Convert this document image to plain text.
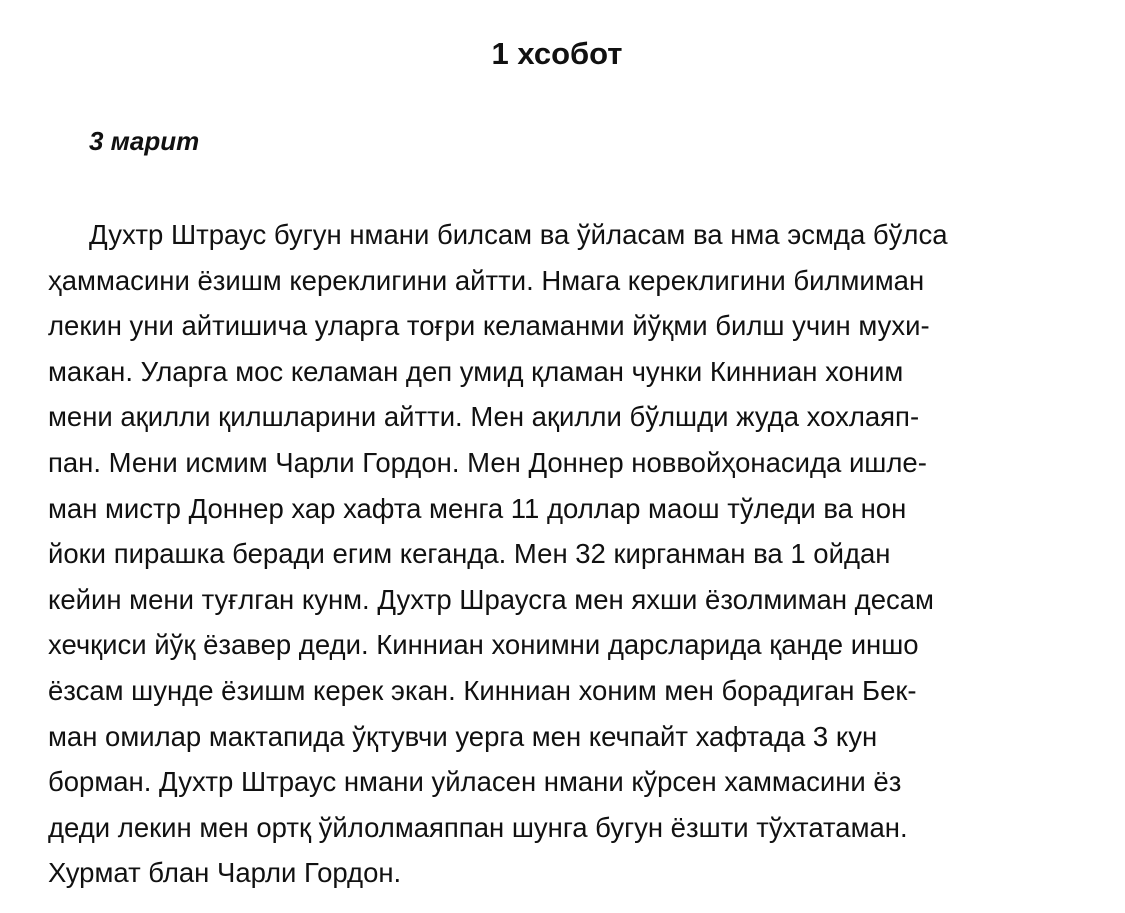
1 хсобот

3 марит

Духтр Штраус бугун нмани билсам ва ўйласам ва нма эсмда бўлса
ҳаммасини ёзишм кереклигини айтти. Нмага кереклигини билмиман
лекин уни айтишича уларга тоғри келаманми йўқми билш учин мухи-
макан. Уларга мос келаман деп умид қламан чунки Кинниан хоним
мени ақилли қилшларини айтти. Мен ақилли бўлшди жуда хохлаяп-
пан. Мени исмим Чарли Гордон. Мен Доннер новвойҳонасида ишле-
ман мистр Доннер хар хафта менга 11 доллар маош тўледи ва нон
йоки пирашка беради егим кеганда. Мен 32 кирганман ва 1 ойдан
кейин мени туғлган кунм. Духтр Шраусга мен яхши ёзолмиман десам
хечқиси йўқ ёзавер деди. Кинниан хонимни дарсларида қанде иншо
ёзсам шунде ёзишм керек экан. Кинниан хоним мен борадиган Бек-
ман омилар мактапида ўқтувчи уерга мен кечпайт хафтада 3 кун
борман. Духтр Штраус нмани уйласен нмани кўрсен хаммасини ёз
деди лекин мен ортқ ўйлолмаяппан шунга бугун ёзшти тўхтатаман.
Хурмат блан Чарли Гордон.
